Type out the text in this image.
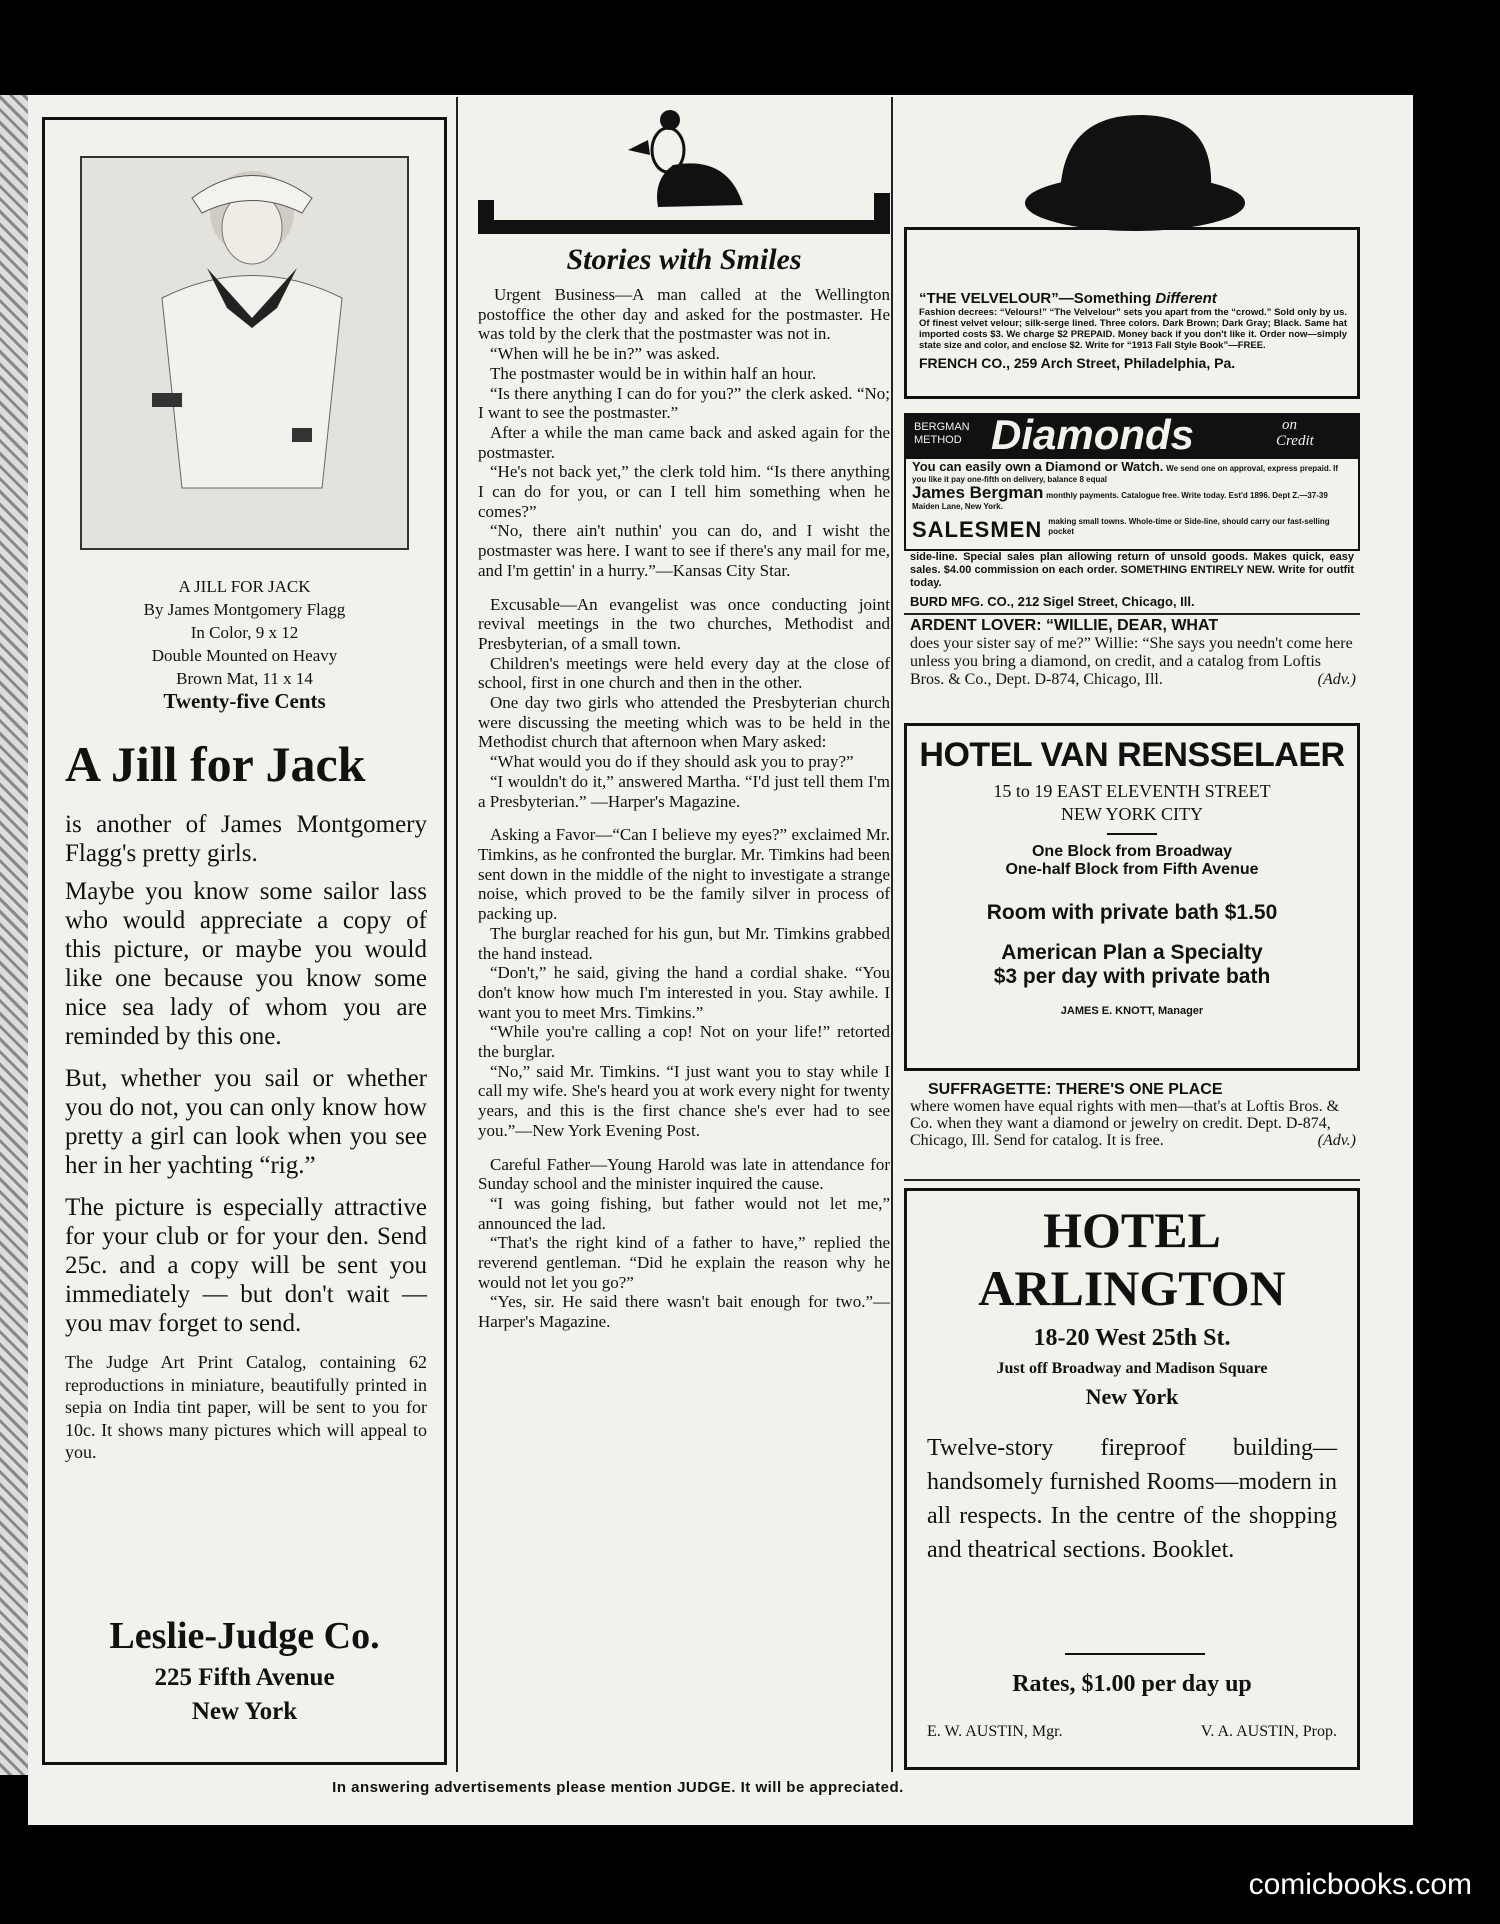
A JILL FOR JACK
By James Montgomery Flagg
In Color, 9 x 12
Double Mounted on Heavy
Brown Mat, 11 x 14
Twenty-five Cents
A Jill for Jack

is another of James Montgomery Flagg's pretty girls.

Maybe you know some sailor lass who would appreciate a copy of this picture, or maybe you would like one because you know some nice sea lady of whom you are reminded by this one.

But, whether you sail or whether you do not, you can only know how pretty a girl can look when you see her in her yachting “rig.”

The picture is especially attractive for your club or for your den. Send 25c. and a copy will be sent you immediately — but don't wait — you mav forget to send.

The Judge Art Print Catalog, containing 62 reproductions in miniature, beautifully printed in sepia on India tint paper, will be sent to you for 10c. It shows many pictures which will appeal to you.

Leslie-Judge Co.
225 Fifth Avenue
New York
Stories with Smiles

Urgent Business—A man called at the Wellington postoffice the other day and asked for the postmaster. He was told by the clerk that the postmaster was not in.

“When will he be in?” was asked.

The postmaster would be in within half an hour.

“Is there anything I can do for you?” the clerk asked. “No; I want to see the postmaster.”

After a while the man came back and asked again for the postmaster.

“He's not back yet,” the clerk told him. “Is there anything I can do for you, or can I tell him something when he comes?”

“No, there ain't nuthin' you can do, and I wisht the postmaster was here. I want to see if there's any mail for me, and I'm gettin' in a hurry.”—Kansas City Star.

Excusable—An evangelist was once conducting joint revival meetings in the two churches, Methodist and Presbyterian, of a small town.

Children's meetings were held every day at the close of school, first in one church and then in the other.

One day two girls who attended the Presbyterian church were discussing the meeting which was to be held in the Methodist church that afternoon when Mary asked:

“What would you do if they should ask you to pray?”

“I wouldn't do it,” answered Martha. “I'd just tell them I'm a Presbyterian.” —Harper's Magazine.

Asking a Favor—“Can I believe my eyes?” exclaimed Mr. Timkins, as he confronted the burglar. Mr. Timkins had been sent down in the middle of the night to investigate a strange noise, which proved to be the family silver in process of packing up.

The burglar reached for his gun, but Mr. Timkins grabbed the hand instead.

“Don't,” he said, giving the hand a cordial shake. “You don't know how much I'm interested in you. Stay awhile. I want you to meet Mrs. Timkins.”

“While you're calling a cop! Not on your life!” retorted the burglar.

“No,” said Mr. Timkins. “I just want you to stay while I call my wife. She's heard you at work every night for twenty years, and this is the first chance she's ever had to see you.”—New York Evening Post.

Careful Father—Young Harold was late in attendance for Sunday school and the minister inquired the cause.

“I was going fishing, but father would not let me,” announced the lad.

“That's the right kind of a father to have,” replied the reverend gentleman. “Did he explain the reason why he would not let you go?”

“Yes, sir. He said there wasn't bait enough for two.”—Harper's Magazine.

“THE VELVELOUR”—Something Different
Fashion decrees: “Velours!” “The Velvelour” sets you apart from the “crowd.” Sold only by us. Of finest velvet velour; silk-serge lined. Three colors. Dark Brown; Dark Gray; Black. Same hat imported costs $3. We charge $2 PREPAID. Money back if you don't like it. Order now—simply state size and color, and enclose $2. Write for “1913 Fall Style Book”—FREE.
FRENCH CO., 259 Arch Street, Philadelphia, Pa.
BERGMAN
METHOD Diamonds	on
Credit
You can easily own a Diamond or Watch. We send one on approval, express prepaid. If you like it pay one-fifth on delivery, balance 8 equal
James Bergman monthly payments. Catalogue free. Write today. Est'd 1896. Dept Z.—37-39 Maiden Lane, New York.
SALESMEN making small towns. Whole-time or Side-line, should carry our fast-selling pocket
side-line. Special sales plan allowing return of unsold goods. Makes quick, easy sales. $4.00 commission on each order. SOMETHING ENTIRELY NEW. Write for outfit today.
BURD MFG. CO., 212 Sigel Street, Chicago, Ill.
ARDENT LOVER: “WILLIE, DEAR, WHAT
does your sister say of me?” Willie: “She says you needn't come here unless you bring a diamond, on credit, and a catalog from Loftis Bros. & Co., Dept. D-874, Chicago, Ill.	(Adv.)
HOTEL VAN RENSSELAER
15 to 19 EAST ELEVENTH STREET
NEW YORK CITY
One Block from Broadway
One-half Block from Fifth Avenue
Room with private bath $1.50
American Plan a Specialty
$3 per day with private bath
JAMES E. KNOTT, Manager
SUFFRAGETTE: THERE'S ONE PLACE
where women have equal rights with men—that's at Loftis Bros. & Co. when they want a diamond or jewelry on credit. Dept. D-874, Chicago, Ill. Send for catalog. It is free.	(Adv.)
HOTEL
ARLINGTON
18-20 West 25th St.
Just off Broadway and Madison Square
New York
Twelve-story fireproof building—handsomely furnished Rooms—modern in all respects. In the centre of the shopping and theatrical sections. Booklet.
Rates, $1.00 per day up
E. W. AUSTIN, Mgr.	V. A. AUSTIN, Prop.
In answering advertisements please mention JUDGE. It will be appreciated.
comicbooks.com
